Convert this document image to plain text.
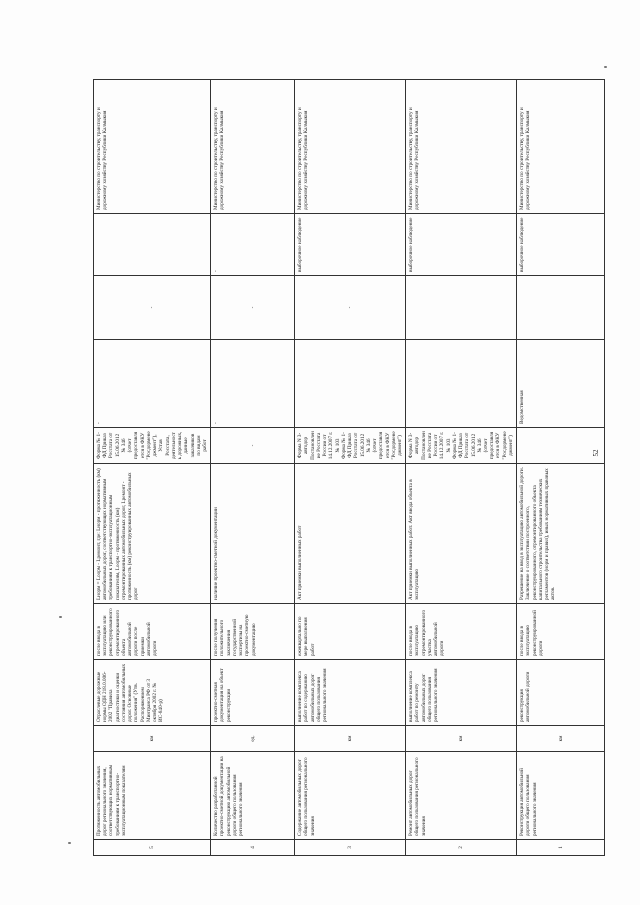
5	Протяженность автомобильных дорог регионального значения, соответствующих нормативным требованиям к транспортно-эксплуатационным показателям	км	Отраслевые дорожные нормы ОДН 218.0.006-2002 "Правила диагностики и оценки состояния автомобильных дорог. Основные положения" (Утв. Распоряжением Минтранса РФ от 3 октября 2002 г. № ИС-840-р)	после ввода в эксплуатацию или реконструированного отремонтированного объекта автомобильной дороги после приемки автомобильной дороги	Lнорм = Lоорм - Lремонт, где: Lнорм - протяженность (км) автомобильных дорог, соответствующих нормативным требованиям к транспортно-эксплуатационным показателям, Lоорм - протяженность (км) отремонтированных автомобильных дорог, Lремонт - протяженность (км) реконструированных автомобильных дорог	Форма № 1-ФД Приказ Росстата от 15.06.2012 № 346 (отчет предоставляется в ФКУ "Росдорменеджмент"), Устав Росстата, деятельность дорожных, данные заказчиков по видам работ	-	-		Министерство по строительству, транспорту и дорожному хозяйству Республики Калмыкия
4	Количество разработанной проектно-сметной документации на реконструкцию автомобильной дороги общего пользования регионального значения	ед.	проектно-сметная документация на объект реконструкции	после получения положительного заключения государственной экспертизы на проектно-сметную документацию	наличие проектно-сметной документации	-	-	-	-	Министерство по строительству, транспорту и дорожному хозяйству Республики Калмыкия
3	Содержание автомобильных дорог общего пользования регионального значения	км	выполнение комплекса работ по содержанию автомобильных дорог общего пользования регионального значения	ежеквартально по мере выполнения работ	Акт приемки выполненных работ	Форма N 3-автодор Постановление Росстата России от 14.12.2007 г. № 103 Форма № 1-ФД Приказ Росстата от 15.06.2012 № 346 (отчет предоставляется в ФКУ "Росдорменеджмент")		-	выборочное наблюдение	Министерство по строительству, транспорту и дорожному хозяйству Республики Калмыкия
2	Ремонт автомобильных дорог общего пользования регионального значения	км	выполнение комплекса работ по ремонту автомобильных дорог общего пользования регионального значения	после ввода в эксплуатацию отремонтированного участка автомобильной дороги	Акт приемки выполненных работ. Акт ввода объекта в эксплуатацию	Форма N 3-автодор Постановление Росстата России от 14.12.2007 г. № 103 Форма № 1-ФД Приказ Росстата от 15.06.2012 № 346 (отчет предоставляется в ФКУ "Росдорменеджмент")			выборочное наблюдение	Министерство по строительству, транспорту и дорожному хозяйству Республики Калмыкия
1	Реконструкция автомобильной дороги общего пользования регионального значения	км	реконструкция автомобильной дороги	после ввода в эксплуатацию реконструированной дороги	Разрешение на ввод в эксплуатацию автомобильной дороги. Заключение о соответствии построенного, реконструированного, отремонтированного объекта капитального строительства требованиям технических регламентов (норм и правил), иных нормативных правовых актов.		Ведомственная		выборочное наблюдение	Министерство по строительству, транспорту и дорожному хозяйству Республики Калмыкия
52
